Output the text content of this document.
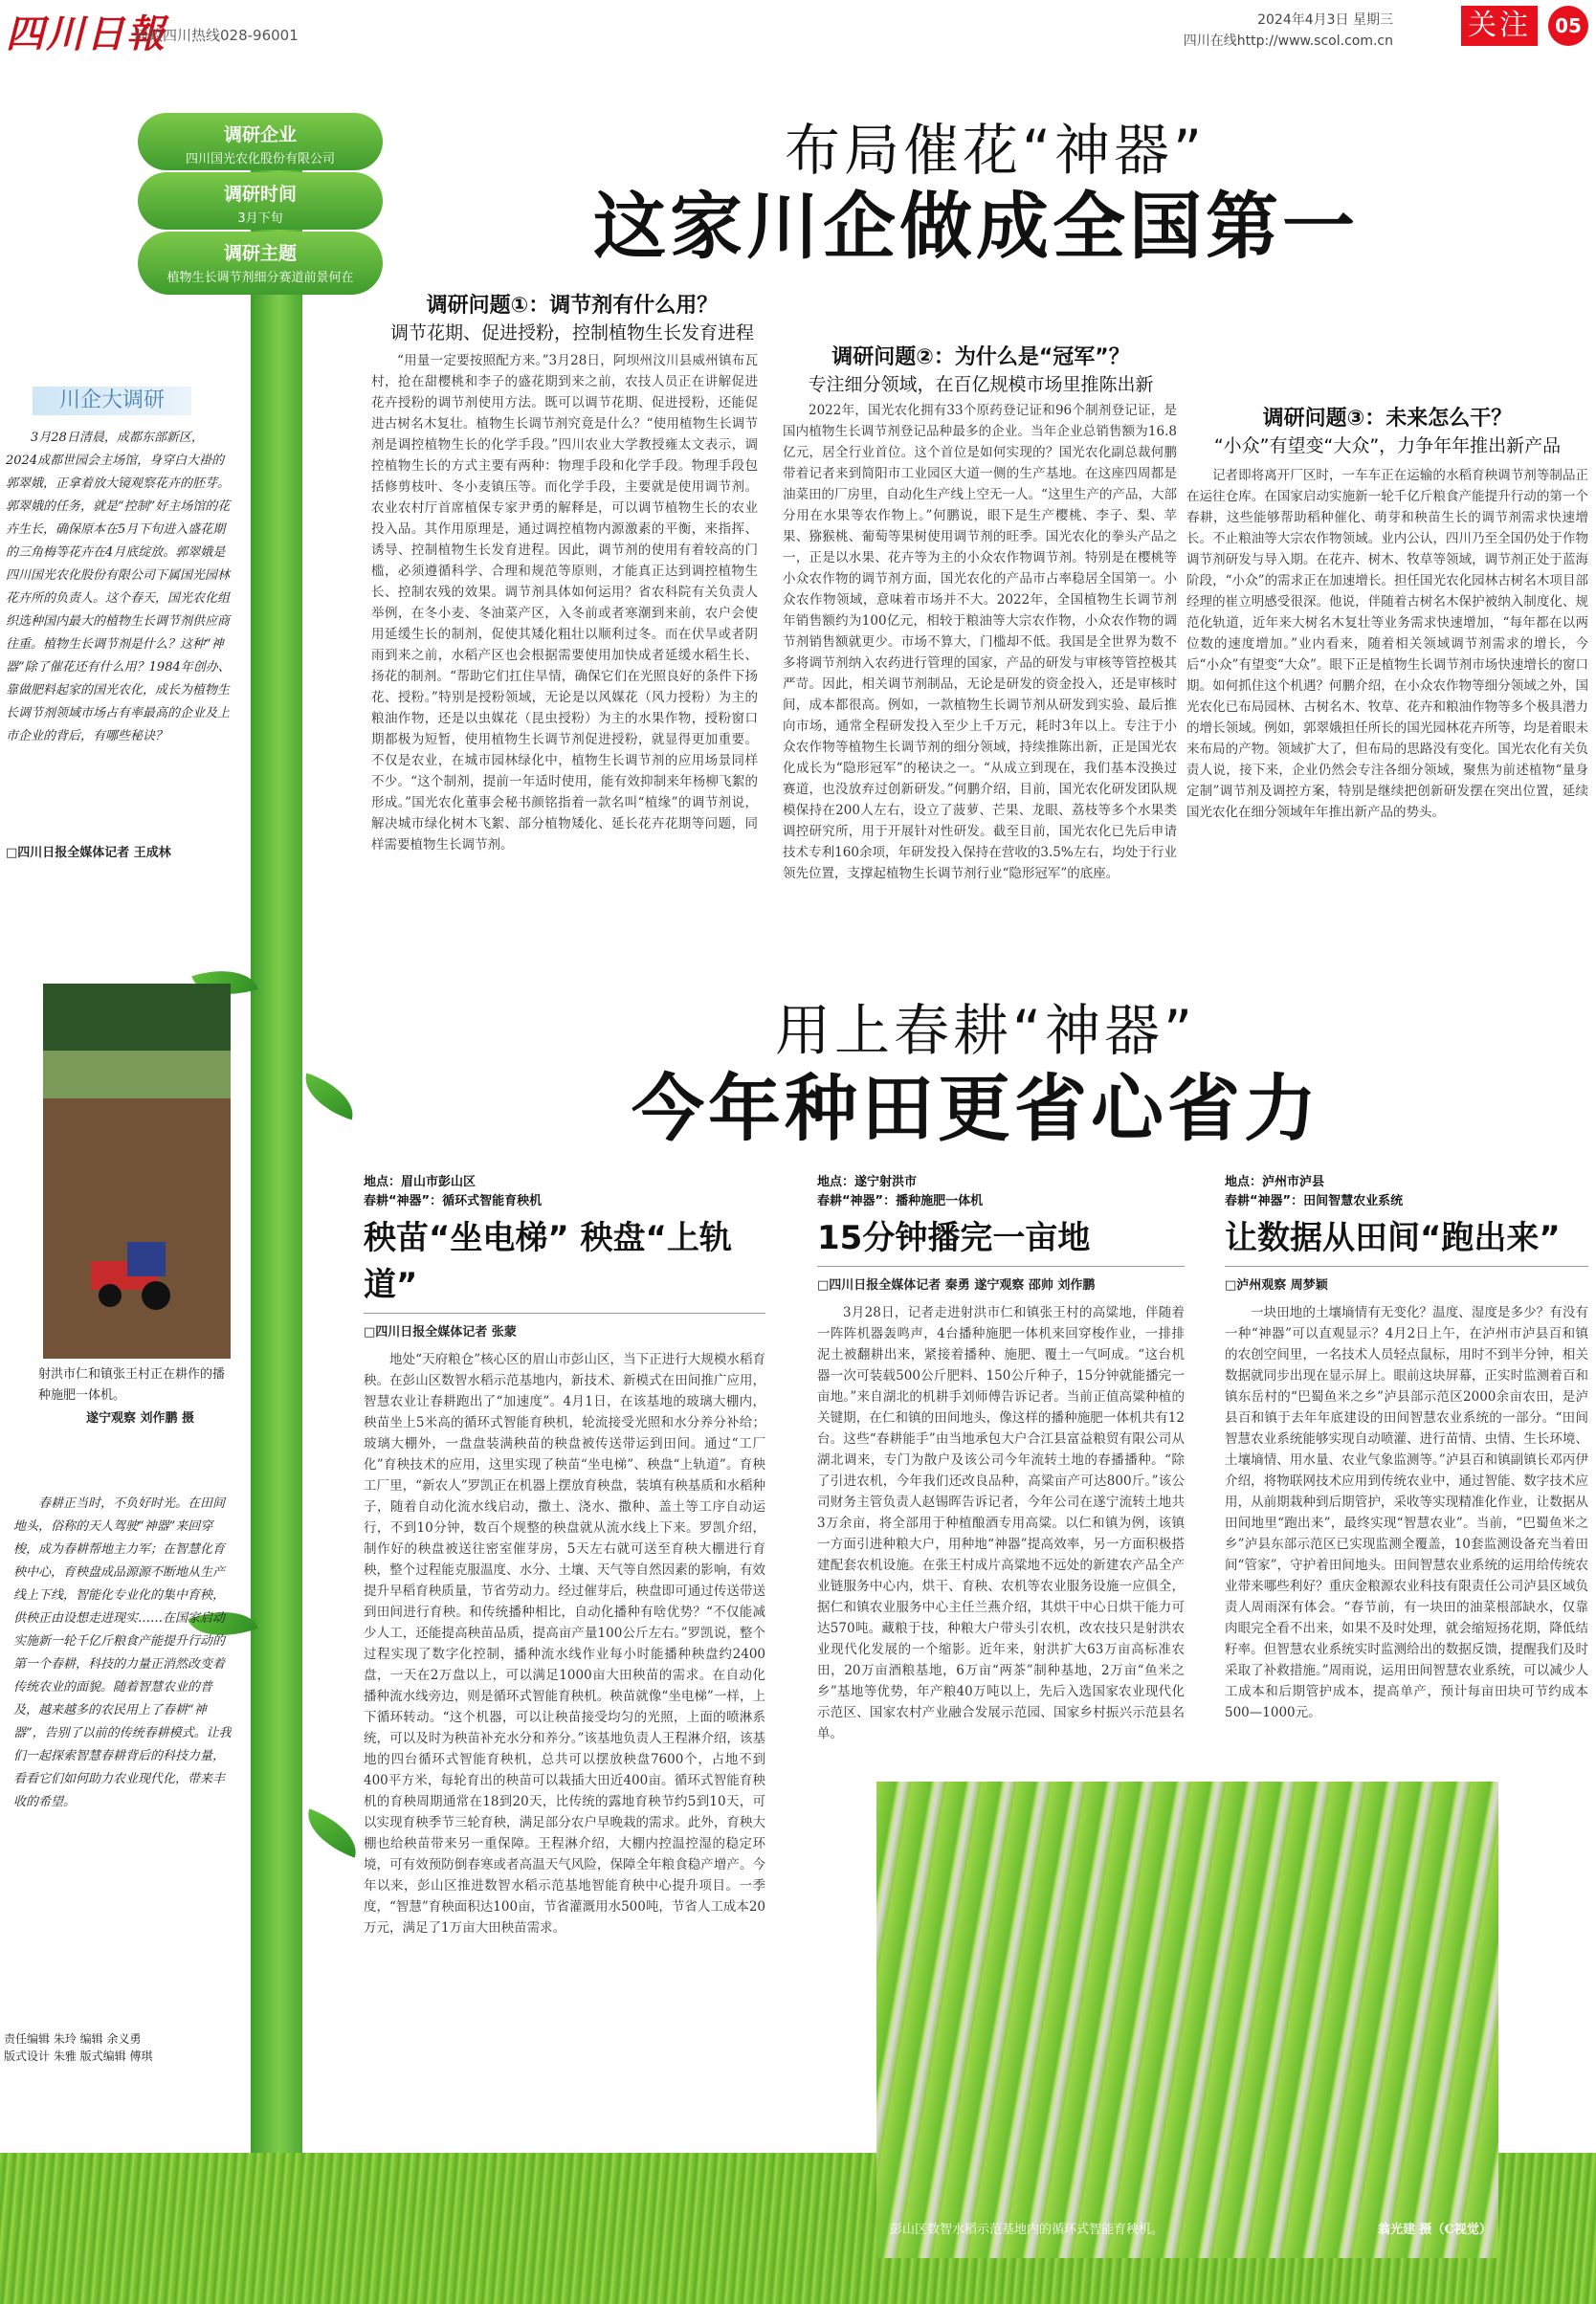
四川日報
问政四川热线028-96001
2024年4月3日 星期三
四川在线http://www.scol.com.cn	关注	05
调研企业
四川国光农化股份有限公司
调研时间
3月下旬
调研主题
植物生长调节剂细分赛道前景何在
川企大调研
3月28日清晨，成都东部新区，2024成都世园会主场馆，身穿白大褂的郭翠娥，正拿着放大镜观察花卉的胚芽。郭翠娥的任务，就是“控制”好主场馆的花卉生长，确保原本在5月下旬进入盛花期的三角梅等花卉在4月底绽放。郭翠娥是四川国光农化股份有限公司下属国光园林花卉所的负责人。这个春天，国光农化组织选种国内最大的植物生长调节剂供应商往重。植物生长调节剂是什么？这种“神器”除了催花还有什么用？1984年创办、靠做肥料起家的国光农化，成长为植物生长调节剂领域市场占有率最高的企业及上市企业的背后，有哪些秘诀？
□四川日报全媒体记者 王成林
布局催花“神器”
这家川企做成全国第一
调研问题①：调节剂有什么用？
调节花期、促进授粉，控制植物生长发育进程
调研问题②：为什么是“冠军”？
专注细分领域，在百亿规模市场里推陈出新
调研问题③：未来怎么干？
“小众”有望变“大众”，力争年年推出新产品
“用量一定要按照配方来。”3月28日，阿坝州汶川县威州镇布瓦村，抢在甜樱桃和李子的盛花期到来之前，农技人员正在讲解促进花卉授粉的调节剂使用方法。既可以调节花期、促进授粉，还能促进古树名木复壮。植物生长调节剂究竟是什么？“使用植物生长调节剂是调控植物生长的化学手段。”四川农业大学教授雍太文表示，调控植物生长的方式主要有两种：物理手段和化学手段。物理手段包括修剪枝叶、冬小麦镇压等。而化学手段，主要就是使用调节剂。农业农村厅首席植保专家尹勇的解释是，可以调节植物生长的农业投入品。其作用原理是，通过调控植物内源激素的平衡，来指挥、诱导、控制植物生长发育进程。因此，调节剂的使用有着较高的门槛，必须遵循科学、合理和规范等原则，才能真正达到调控植物生长、控制农残的效果。调节剂具体如何运用？省农科院有关负责人举例，在冬小麦、冬油菜产区，入冬前或者寒潮到来前，农户会使用延缓生长的制剂，促使其矮化粗壮以顺利过冬。而在伏旱或者阴雨到来之前，水稻产区也会根据需要使用加快成者延缓水稻生长、扬花的制剂。“帮助它们扛住旱情，确保它们在光照良好的条件下扬花、授粉。”特别是授粉领域，无论是以风媒花（风力授粉）为主的粮油作物，还是以虫媒花（昆虫授粉）为主的水果作物，授粉窗口期都极为短暂，使用植物生长调节剂促进授粉，就显得更加重要。不仅是农业，在城市园林绿化中，植物生长调节剂的应用场景同样不少。“这个制剂，提前一年适时使用，能有效抑制来年杨柳飞絮的形成。”国光农化董事会秘书颜铭指着一款名叫“植缘”的调节剂说，解决城市绿化树木飞絮、部分植物矮化、延长花卉花期等问题，同样需要植物生长调节剂。
2022年，国光农化拥有33个原药登记证和96个制剂登记证，是国内植物生长调节剂登记品种最多的企业。当年企业总销售额为16.8亿元，居全行业首位。这个首位是如何实现的？国光农化副总裁何鹏带着记者来到简阳市工业园区大道一侧的生产基地。在这座四周都是油菜田的厂房里，自动化生产线上空无一人。“这里生产的产品，大部分用在水果等农作物上。”何鹏说，眼下是生产樱桃、李子、梨、苹果、猕猴桃、葡萄等果树使用调节剂的旺季。国光农化的拳头产品之一，正是以水果、花卉等为主的小众农作物调节剂。特别是在樱桃等小众农作物的调节剂方面，国光农化的产品市占率稳居全国第一。小众农作物领域，意味着市场并不大。2022年，全国植物生长调节剂年销售额约为100亿元，相较于粮油等大宗农作物，小众农作物的调节剂销售额就更少。市场不算大，门槛却不低。我国是全世界为数不多将调节剂纳入农药进行管理的国家，产品的研发与审核等管控极其严苛。因此，相关调节剂制品，无论是研发的资金投入，还是审核时间，成本都很高。例如，一款植物生长调节剂从研发到实验、最后推向市场，通常全程研发投入至少上千万元，耗时3年以上。专注于小众农作物等植物生长调节剂的细分领域，持续推陈出新，正是国光农化成长为“隐形冠军”的秘诀之一。“从成立到现在，我们基本没换过赛道，也没放弃过创新研发。”何鹏介绍，目前，国光农化研发团队规模保持在200人左右，设立了菠萝、芒果、龙眼、荔枝等多个水果类调控研究所，用于开展针对性研发。截至目前，国光农化已先后申请技术专利160余项，年研发投入保持在营收的3.5%左右，均处于行业领先位置，支撑起植物生长调节剂行业“隐形冠军”的底座。
记者即将离开厂区时，一车车正在运输的水稻育秧调节剂等制品正在运往仓库。在国家启动实施新一轮千亿斤粮食产能提升行动的第一个春耕，这些能够帮助稻种催化、萌芽和秧苗生长的调节剂需求快速增长。不止粮油等大宗农作物领域。业内公认，四川乃至全国仍处于作物调节剂研发与导入期。在花卉、树木、牧草等领域，调节剂正处于蓝海阶段，“小众”的需求正在加速增长。担任国光农化园林古树名木项目部经理的崔立明感受很深。他说，伴随着古树名木保护被纳入制度化、规范化轨道，近年来大树名木复壮等业务需求快速增加，“每年都在以两位数的速度增加。”业内看来，随着相关领域调节剂需求的增长，今后“小众”有望变“大众”。眼下正是植物生长调节剂市场快速增长的窗口期。如何抓住这个机遇？何鹏介绍，在小众农作物等细分领域之外，国光农化已布局园林、古树名木、牧草、花卉和粮油作物等多个极具潜力的增长领域。例如，郭翠娥担任所长的国光园林花卉所等，均是着眼未来布局的产物。领域扩大了，但布局的思路没有变化。国光农化有关负责人说，接下来，企业仍然会专注各细分领域，聚焦为前述植物“量身定制”调节剂及调控方案，特别是继续把创新研发摆在突出位置，延续国光农化在细分领域年年推出新产品的势头。
用上春耕“神器”
今年种田更省心省力
射洪市仁和镇张王村正在耕作的播种施肥一体机。
遂宁观察 刘作鹏 摄
春耕正当时，不负好时光。在田间地头，俗称的天人驾驶“神器”来回穿梭，成为春耕帮地主力军；在智慧化育秧中心，育秧盘成品源源不断地从生产线上下线，智能化专业化的集中育秧，供秧正由设想走进现实……在国家启动实施新一轮千亿斤粮食产能提升行动的第一个春耕，科技的力量正消然改变着传统农业的面貌。随着智慧农业的普及，越来越多的农民用上了春耕“神器”，告别了以前的传统春耕模式。让我们一起探索智慧春耕背后的科技力量，看看它们如何助力农业现代化，带来丰收的希望。
地点：眉山市彭山区
春耕“神器”：循环式智能育秧机
秧苗“坐电梯” 秧盘“上轨道”
□四川日报全媒体记者 张蒙
地处“天府粮仓”核心区的眉山市彭山区，当下正进行大规模水稻育秧。在彭山区数智水稻示范基地内，新技术、新模式在田间推广应用，智慧农业让春耕跑出了“加速度”。4月1日，在该基地的玻璃大棚内，秧苗坐上5米高的循环式智能育秧机，轮流接受光照和水分养分补给；玻璃大棚外，一盘盘装满秧苗的秧盘被传送带运到田间。通过“工厂化”育秧技术的应用，这里实现了秧苗“坐电梯”、秧盘“上轨道”。育秧工厂里，“新农人”罗凯正在机器上摆放育秧盘，装填有秧基质和水稻种子，随着自动化流水线启动，撒土、浇水、撒种、盖土等工序自动运行，不到10分钟，数百个规整的秧盘就从流水线上下来。罗凯介绍，制作好的秧盘被送往密室催芽房，5天左右就可送至育秧大棚进行育秧，整个过程能克服温度、水分、土壤、天气等自然因素的影响，有效提升早稻育秧质量，节省劳动力。经过催芽后，秧盘即可通过传送带送到田间进行育秧。和传统播种相比，自动化播种有啥优势？“不仅能减少人工，还能提高秧苗品质，提高亩产量100公斤左右。”罗凯说，整个过程实现了数字化控制，播种流水线作业每小时能播种秧盘约2400盘，一天在2万盘以上，可以满足1000亩大田秧苗的需求。在自动化播种流水线旁边，则是循环式智能育秧机。秧苗就像“坐电梯”一样，上下循环转动。“这个机器，可以让秧苗接受均匀的光照，上面的喷淋系统，可以及时为秧苗补充水分和养分。”该基地负责人王程淋介绍，该基地的四台循环式智能育秧机，总共可以摆放秧盘7600个，占地不到400平方米，每轮育出的秧苗可以栽插大田近400亩。循环式智能育秧机的育秧周期通常在18到20天，比传统的露地育秧节约5到10天，可以实现育秧季节三轮育秧，满足部分农户早晚栽的需求。此外，育秧大棚也给秧苗带来另一重保障。王程淋介绍，大棚内控温控湿的稳定环境，可有效预防倒春寒或者高温天气风险，保障全年粮食稳产增产。今年以来，彭山区推进数智水稻示范基地智能育秧中心提升项目。一季度，“智慧”育秧面积达100亩，节省灌溉用水500吨，节省人工成本20万元，满足了1万亩大田秧苗需求。
地点：遂宁射洪市
春耕“神器”：播种施肥一体机
15分钟播完一亩地
□四川日报全媒体记者 秦勇 遂宁观察 邵帅 刘作鹏
3月28日，记者走进射洪市仁和镇张王村的高粱地，伴随着一阵阵机器轰鸣声，4台播种施肥一体机来回穿梭作业，一排排泥土被翻耕出来，紧接着播种、施肥、覆土一气呵成。“这台机器一次可装载500公斤肥料、150公斤种子，15分钟就能播完一亩地。”来自湖北的机耕手刘师傅告诉记者。当前正值高粱种植的关键期，在仁和镇的田间地头，像这样的播种施肥一体机共有12台。这些“春耕能手”由当地承包大户合江县富益粮贸有限公司从湖北调来，专门为散户及该公司今年流转土地的春播播种。“除了引进农机，今年我们还改良品种，高粱亩产可达800斤。”该公司财务主管负责人赵锡晖告诉记者，今年公司在遂宁流转土地共3万余亩，将全部用于种植酿酒专用高粱。以仁和镇为例，该镇一方面引进种粮大户，用种地“神器”提高效率，另一方面积极搭建配套农机设施。在张王村成片高粱地不远处的新建农产品全产业链服务中心内，烘干、育秧、农机等农业服务设施一应俱全，据仁和镇农业服务中心主任兰燕介绍，其烘干中心日烘干能力可达570吨。藏粮于技，种粮大户带头引农机，改农技只是射洪农业现代化发展的一个缩影。近年来，射洪扩大63万亩高标准农田，20万亩酒粮基地，6万亩“两茶”制种基地，2万亩“鱼米之乡”基地等优势，年产粮40万吨以上，先后入选国家农业现代化示范区、国家农村产业融合发展示范园、国家乡村振兴示范县名单。
地点：泸州市泸县
春耕“神器”：田间智慧农业系统
让数据从田间“跑出来”
□泸州观察 周梦颖
一块田地的土壤墒情有无变化？温度、湿度是多少？有没有一种“神器”可以直观显示？4月2日上午，在泸州市泸县百和镇的农创空间里，一名技术人员轻点鼠标，用时不到半分钟，相关数据就同步出现在显示屏上。眼前这块屏幕，正实时监测着百和镇东岳村的“巴蜀鱼米之乡”泸县部示范区2000余亩农田，是泸县百和镇于去年年底建设的田间智慧农业系统的一部分。“田间智慧农业系统能够实现自动喷灌、进行苗情、虫情、生长环境、土壤墒情、用水量、农业气象监测等。”泸县百和镇副镇长邓丙伊介绍，将物联网技术应用到传统农业中，通过智能、数字技术应用，从前期栽种到后期管护，采收等实现精准化作业，让数据从田间地里“跑出来”，最终实现“智慧农业”。当前，“巴蜀鱼米之乡”泸县东部示范区已实现监测全覆盖，10套监测设备充当着田间“管家”，守护着田间地头。田间智慧农业系统的运用给传统农业带来哪些利好？重庆金粮源农业科技有限责任公司泸县区域负责人周雨深有体会。“春节前，有一块田的油菜根部缺水，仅靠肉眼完全看不出来，如果不及时处理，就会缩短扬花期，降低结籽率。但智慧农业系统实时监测给出的数据反馈，提醒我们及时采取了补救措施。”周雨说，运用田间智慧农业系统，可以减少人工成本和后期管护成本，提高单产，预计每亩田块可节约成本500—1000元。
彭山区数智水稻示范基地内的循环式智能育秧机。	翁光建 摄（C视觉）
责任编辑 朱玲 编辑 余义勇
版式设计 朱雅 版式编辑 傅琪
